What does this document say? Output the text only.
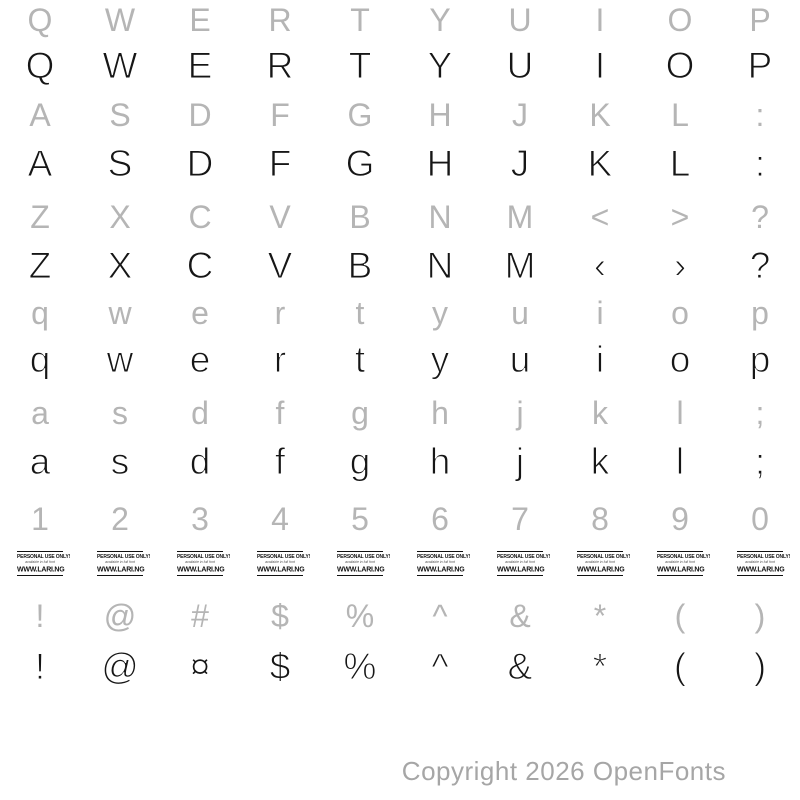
Q	W	E	R	T	Y	U	I	O	P
Q	W	E	R	T	Y	U	I	O	P
A	S	D	F	G	H	J	K	L	:
A	S	D	F	G	H	J	K	L	:
Z	X	C	V	B	N	M	<	>	?
Z	X	C	V	B	N	M	‹	›	?
q	w	e	r	t	y	u	i	o	p
q	w	e	r	t	y	u	i	o	p
a	s	d	f	g	h	j	k	l	;
a	s	d	f	g	h	j	k	l	;
1	2	3	4	5	6	7	8	9	0
PERSONAL USE ONLY!
available in full font
WWW.LARI.NG
PERSONAL USE ONLY!
available in full font
WWW.LARI.NG
PERSONAL USE ONLY!
available in full font
WWW.LARI.NG
PERSONAL USE ONLY!
available in full font
WWW.LARI.NG
PERSONAL USE ONLY!
available in full font
WWW.LARI.NG
PERSONAL USE ONLY!
available in full font
WWW.LARI.NG
PERSONAL USE ONLY!
available in full font
WWW.LARI.NG
PERSONAL USE ONLY!
available in full font
WWW.LARI.NG
PERSONAL USE ONLY!
available in full font
WWW.LARI.NG
PERSONAL USE ONLY!
available in full font
WWW.LARI.NG
!	@	#	$	%	^	&	*	(	)
!	@	¤	$	%	^	&	*	(	)
Copyright 2026 OpenFonts
